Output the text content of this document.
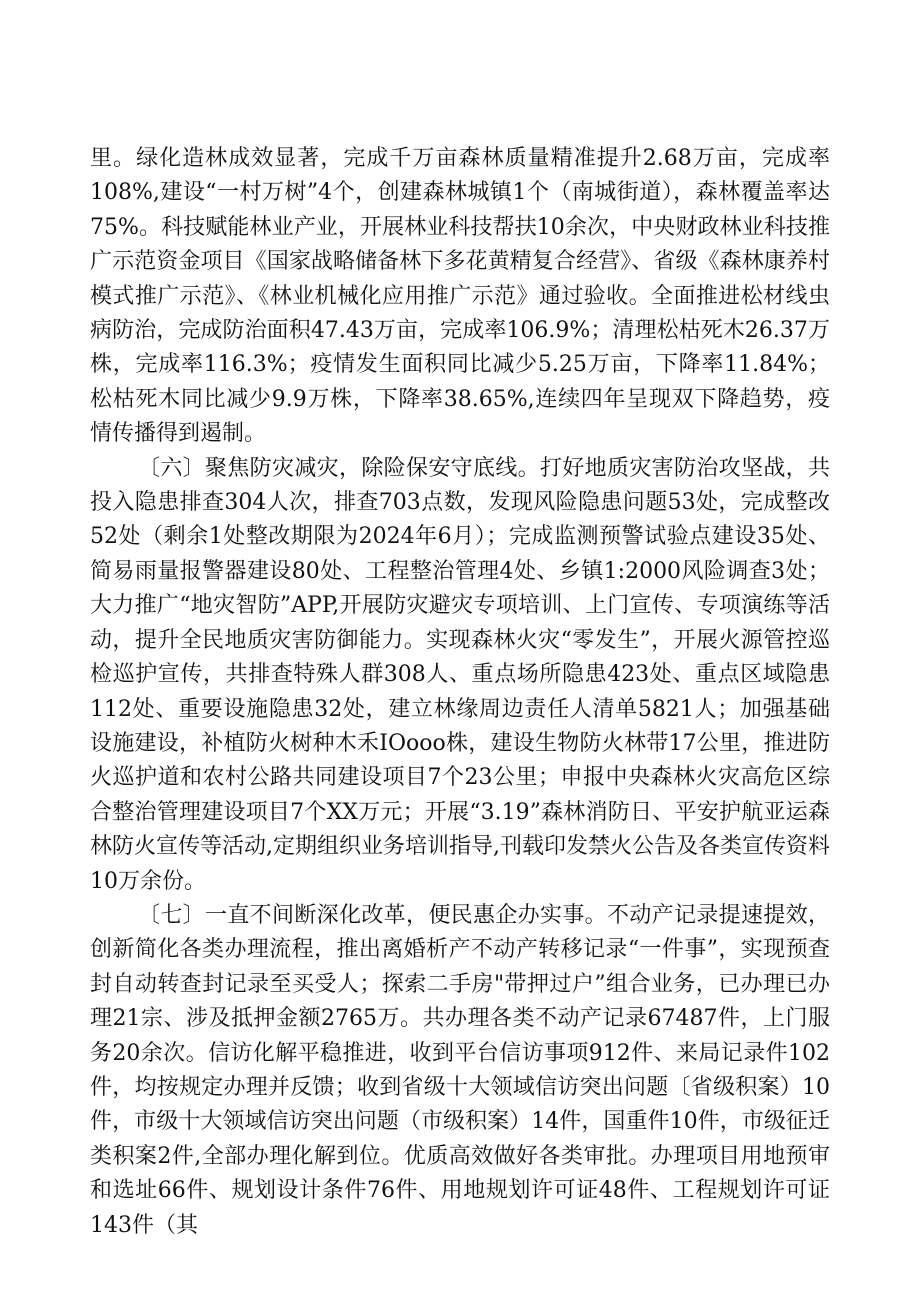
里。绿化造林成效显著，完成千万亩森林质量精准提升2.68万亩，完成率108%,建设“一村万树”4个，创建森林城镇1个（南城街道），森林覆盖率达75%。科技赋能林业产业，开展林业科技帮扶10余次，中央财政林业科技推广示范资金项目《国家战略储备林下多花黄精复合经营》、省级《森林康养村模式推广示范》、《林业机械化应用推广示范》通过验收。全面推进松材线虫病防治，完成防治面积47.43万亩，完成率106.9%；清理松枯死木26.37万株，完成率116.3%；疫情发生面积同比减少5.25万亩，下降率11.84%；松枯死木同比减少9.9万株，下降率38.65%,连续四年呈现双下降趋势，疫情传播得到遏制。

〔六〕聚焦防灾减灾，除险保安守底线。打好地质灾害防治攻坚战，共投入隐患排查304人次，排查703点数，发现风险隐患问题53处，完成整改52处（剩余1处整改期限为2024年6月）；完成监测预警试验点建设35处、简易雨量报警器建设80处、工程整治管理4处、乡镇1:2000风险调查3处；大力推广“地灾智防”APP,开展防灾避灾专项培训、上门宣传、专项演练等活动，提升全民地质灾害防御能力。实现森林火灾“零发生”，开展火源管控巡检巡护宣传，共排查特殊人群308人、重点场所隐患423处、重点区域隐患112处、重要设施隐患32处，建立林缘周边责任人清单5821人；加强基础设施建设，补植防火树种木禾IOooo株，建设生物防火林带17公里，推进防火巡护道和农村公路共同建设项目7个23公里；申报中央森林火灾高危区综合整治管理建设项目7个XX万元；开展“3.19”森林消防日、平安护航亚运森林防火宣传等活动,定期组织业务培训指导,刊载印发禁火公告及各类宣传资料10万余份。

〔七〕一直不间断深化改革，便民惠企办实事。不动产记录提速提效，创新简化各类办理流程，推出离婚析产不动产转移记录“一件事”，实现预查封自动转查封记录至买受人；探索二手房"带押过户”组合业务，已办理已办理21宗、涉及抵押金额2765万。共办理各类不动产记录67487件，上门服务20余次。信访化解平稳推进，收到平台信访事项912件、来局记录件102件，均按规定办理并反馈；收到省级十大领域信访突出问题〔省级积案）10件，市级十大领域信访突出问题（市级积案）14件，国重件10件，市级征迁类积案2件,全部办理化解到位。优质高效做好各类审批。办理项目用地预审和选址66件、规划设计条件76件、用地规划许可证48件、工程规划许可证143件（其
